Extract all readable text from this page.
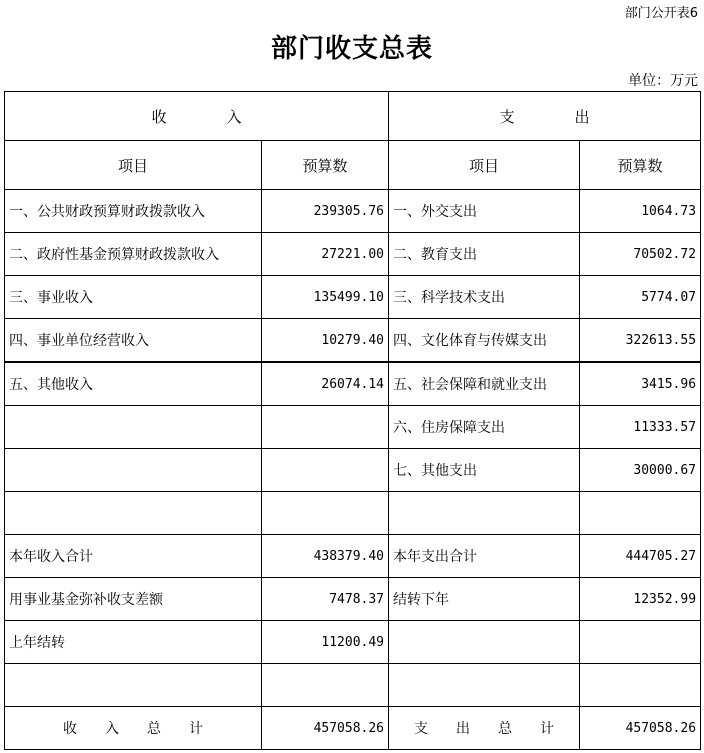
部门公开表6
部门收支总表
单位：万元
收　　　　入		支　　　　出	
项目	预算数	项目	预算数
一、公共财政预算财政拨款收入	239305.76	一、外交支出	1064.73
二、政府性基金预算财政拨款收入	27221.00	二、教育支出	70502.72
三、事业收入	135499.10	三、科学技术支出	5774.07
四、事业单位经营收入	10279.40	四、文化体育与传媒支出	322613.55
五、其他收入	26074.14	五、社会保障和就业支出	3415.96
		六、住房保障支出	11333.57
		七、其他支出	30000.67

本年收入合计	438379.40	本年支出合计	444705.27
用事业基金弥补收支差额	7478.37	结转下年	12352.99
上年结转	11200.49		

收　　入　　总　　计	457058.26	支　　出　　总　　计	457058.26
